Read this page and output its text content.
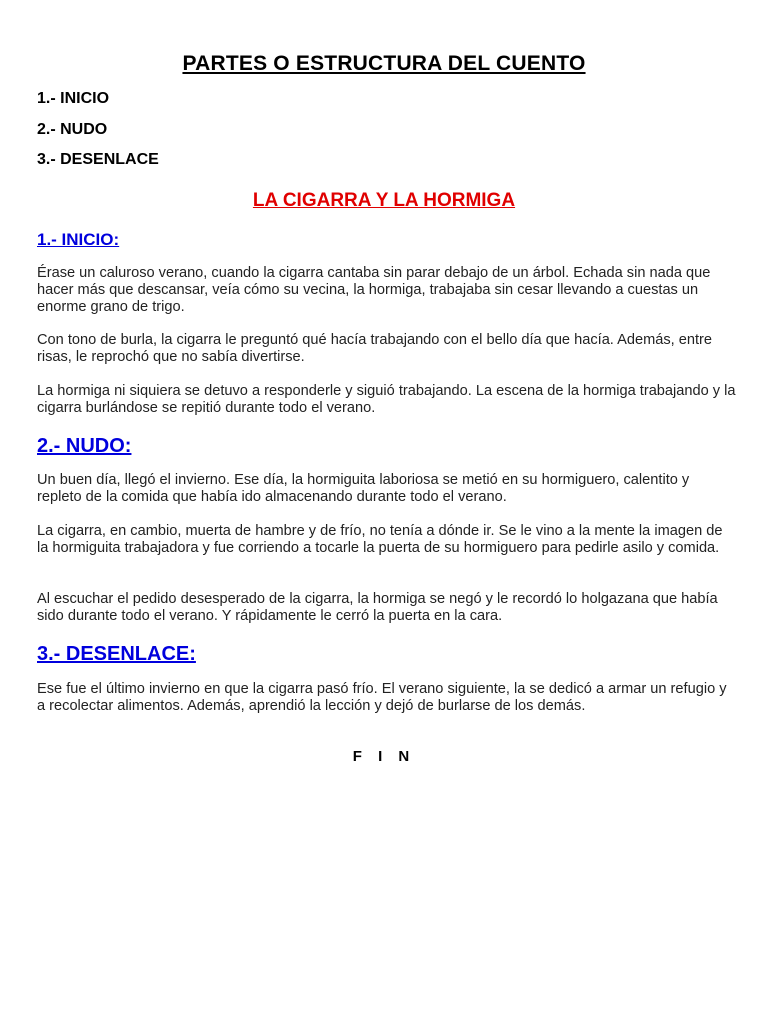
PARTES O ESTRUCTURA DEL CUENTO
1.- INICIO
2.- NUDO
3.- DESENLACE
LA CIGARRA Y LA HORMIGA
1.- INICIO:
Érase un caluroso verano, cuando la cigarra cantaba sin parar debajo de un árbol. Echada sin nada que hacer más que descansar, veía cómo su vecina, la hormiga, trabajaba sin cesar llevando a cuestas un enorme grano de trigo.
Con tono de burla, la cigarra le preguntó qué hacía trabajando con el bello día que hacía. Además, entre risas, le reprochó que no sabía divertirse.
La hormiga ni siquiera se detuvo a responderle y siguió trabajando. La escena de la hormiga trabajando y la cigarra burlándose se repitió durante todo el verano.
2.- NUDO:
Un buen día, llegó el invierno. Ese día, la hormiguita laboriosa se metió en su hormiguero, calentito y repleto de la comida que había ido almacenando durante todo el verano.
La cigarra, en cambio, muerta de hambre y de frío, no tenía a dónde ir. Se le vino a la mente la imagen de la hormiguita trabajadora y fue corriendo a tocarle la puerta de su hormiguero para pedirle asilo y comida.
Al escuchar el pedido desesperado de la cigarra, la hormiga se negó y le recordó lo holgazana que había sido durante todo el verano. Y rápidamente le cerró la puerta en la cara.
3.- DESENLACE:
Ese fue el último invierno en que la cigarra pasó frío. El verano siguiente, la se dedicó a armar un refugio y a recolectar alimentos. Además, aprendió la lección y dejó de burlarse de los demás.
F I N
